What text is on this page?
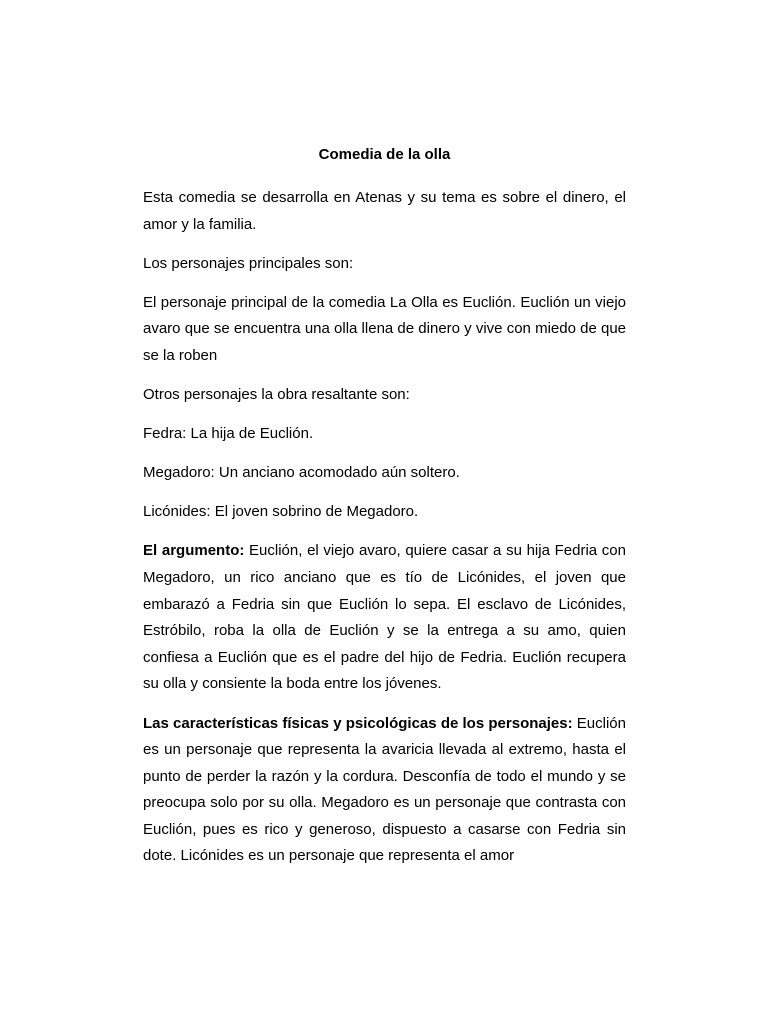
Comedia de la olla

Esta comedia se desarrolla en Atenas y su tema es sobre el dinero, el amor y la familia.

Los personajes principales son:

El personaje principal de la comedia La Olla es Euclión. Euclión un viejo avaro que se encuentra una olla llena de dinero y vive con miedo de que se la roben

Otros personajes la obra resaltante son:

Fedra: La hija de Euclión.

Megadoro: Un anciano acomodado aún soltero.

Licónides: El joven sobrino de Megadoro.

El argumento: Euclión, el viejo avaro, quiere casar a su hija Fedria con Megadoro, un rico anciano que es tío de Licónides, el joven que embarazó a Fedria sin que Euclión lo sepa. El esclavo de Licónides, Estróbilo, roba la olla de Euclión y se la entrega a su amo, quien confiesa a Euclión que es el padre del hijo de Fedria. Euclión recupera su olla y consiente la boda entre los jóvenes.

Las características físicas y psicológicas de los personajes: Euclión es un personaje que representa la avaricia llevada al extremo, hasta el punto de perder la razón y la cordura. Desconfía de todo el mundo y se preocupa solo por su olla. Megadoro es un personaje que contrasta con Euclión, pues es rico y generoso, dispuesto a casarse con Fedria sin dote. Licónides es un personaje que representa el amor
